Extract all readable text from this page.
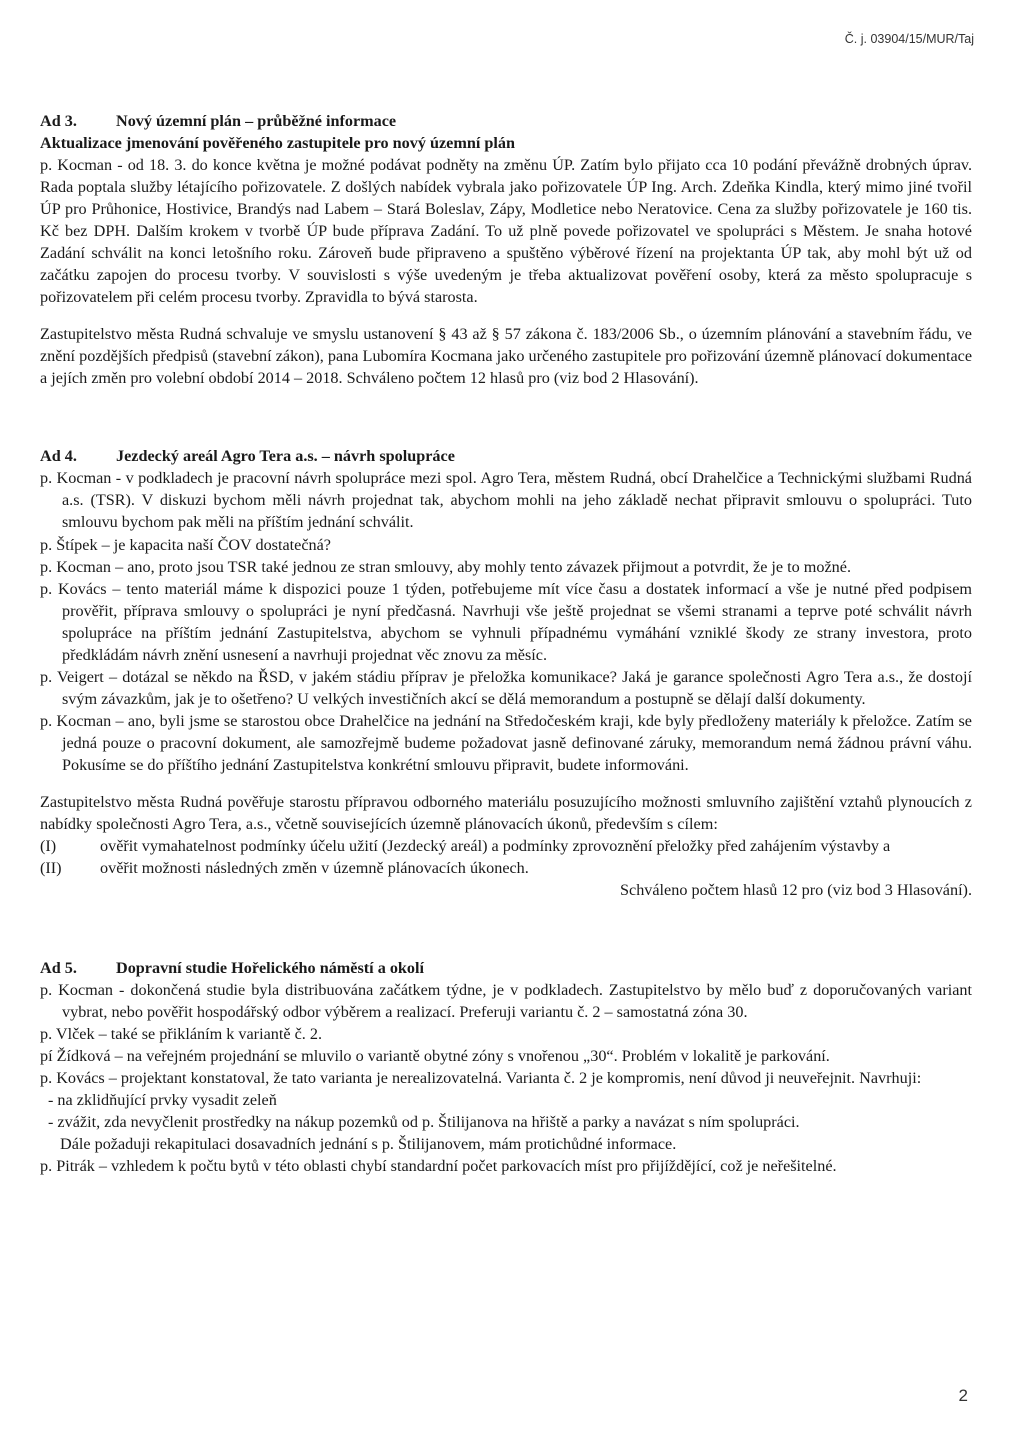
Č. j. 03904/15/MUR/Taj
Ad 3. Nový územní plán – průběžné informace
Aktualizace jmenování pověřeného zastupitele pro nový územní plán

p. Kocman - od 18. 3. do konce května je možné podávat podněty na změnu ÚP. Zatím bylo přijato cca 10 podání převážně drobných úprav. Rada poptala služby létajícího pořizovatele. Z došlých nabídek vybrala jako pořizovatele ÚP Ing. Arch. Zdeňka Kindla, který mimo jiné tvořil ÚP pro Průhonice, Hostivice, Brandýs nad Labem – Stará Boleslav, Zápy, Modletice nebo Neratovice. Cena za služby pořizovatele je 160 tis. Kč bez DPH. Dalším krokem v tvorbě ÚP bude příprava Zadání. To už plně povede pořizovatel ve spolupráci s Městem. Je snaha hotové Zadání schválit na konci letošního roku. Zároveň bude připraveno a spuštěno výběrové řízení na projektanta ÚP tak, aby mohl být už od začátku zapojen do procesu tvorby. V souvislosti s výše uvedeným je třeba aktualizovat pověření osoby, která za město spolupracuje s pořizovatelem při celém procesu tvorby. Zpravidla to bývá starosta.

Zastupitelstvo města Rudná schvaluje ve smyslu ustanovení § 43 až § 57 zákona č. 183/2006 Sb., o územním plánování a stavebním řádu, ve znění pozdějších předpisů (stavební zákon), pana Lubomíra Kocmana jako určeného zastupitele pro pořizování územně plánovací dokumentace a jejích změn pro volební období 2014 – 2018. Schváleno počtem 12 hlasů pro (viz bod 2 Hlasování).

Ad 4. Jezdecký areál Agro Tera a.s. – návrh spolupráce

p. Kocman - v podkladech je pracovní návrh spolupráce mezi spol. Agro Tera, městem Rudná, obcí Drahelčice a Technickými službami Rudná a.s. (TSR). V diskuzi bychom měli návrh projednat tak, abychom mohli na jeho základě nechat připravit smlouvu o spolupráci. Tuto smlouvu bychom pak měli na příštím jednání schválit.

p. Štípek – je kapacita naší ČOV dostatečná?

p. Kocman – ano, proto jsou TSR také jednou ze stran smlouvy, aby mohly tento závazek přijmout a potvrdit, že je to možné.

p. Kovács – tento materiál máme k dispozici pouze 1 týden, potřebujeme mít více času a dostatek informací a vše je nutné před podpisem prověřit, příprava smlouvy o spolupráci je nyní předčasná. Navrhuji vše ještě projednat se všemi stranami a teprve poté schválit návrh spolupráce na příštím jednání Zastupitelstva, abychom se vyhnuli případnému vymáhání vzniklé škody ze strany investora, proto předkládám návrh znění usnesení a navrhuji projednat věc znovu za měsíc.

p. Veigert – dotázal se někdo na ŘSD, v jakém stádiu příprav je přeložka komunikace? Jaká je garance společnosti Agro Tera a.s., že dostojí svým závazkům, jak je to ošetřeno? U velkých investičních akcí se dělá memorandum a postupně se dělají další dokumenty.

p. Kocman – ano, byli jsme se starostou obce Drahelčice na jednání na Středočeském kraji, kde byly předloženy materiály k přeložce. Zatím se jedná pouze o pracovní dokument, ale samozřejmě budeme požadovat jasně definované záruky, memorandum nemá žádnou právní váhu. Pokusíme se do příštího jednání Zastupitelstva konkrétní smlouvu připravit, budete informováni.

Zastupitelstvo města Rudná pověřuje starostu přípravou odborného materiálu posuzujícího možnosti smluvního zajištění vztahů plynoucích z nabídky společnosti Agro Tera, a.s., včetně souvisejících územně plánovacích úkonů, především s cílem:

(I)	ověřit vymahatelnost podmínky účelu užití (Jezdecký areál) a podmínky zprovoznění přeložky před zahájením výstavby a
(II)	ověřit možnosti následných změn v územně plánovacích úkonech.

Schváleno počtem hlasů 12 pro (viz bod 3 Hlasování).

Ad 5. Dopravní studie Hořelického náměstí a okolí

p. Kocman - dokončená studie byla distribuována začátkem týdne, je v podkladech. Zastupitelstvo by mělo buď z doporučovaných variant vybrat, nebo pověřit hospodářský odbor výběrem a realizací. Preferuji variantu č. 2 – samostatná zóna 30.

p. Vlček – také se přikláním k variantě č. 2.

pí Žídková – na veřejném projednání se mluvilo o variantě obytné zóny s vnořenou „30“. Problém v lokalitě je parkování.

p. Kovács – projektant konstatoval, že tato varianta je nerealizovatelná. Varianta č. 2 je kompromis, není důvod ji neuveřejnit. Navrhuji:

- na zklidňující prvky vysadit zeleň

- zvážit, zda nevyčlenit prostředky na nákup pozemků od p. Štilijanova na hřiště a parky a navázat s ním spolupráci.

Dále požaduji rekapitulaci dosavadních jednání s p. Štilijanovem, mám protichůdné informace.

p. Pitrák – vzhledem k počtu bytů v této oblasti chybí standardní počet parkovacích míst pro přijíždějící, což je neřešitelné.

2
